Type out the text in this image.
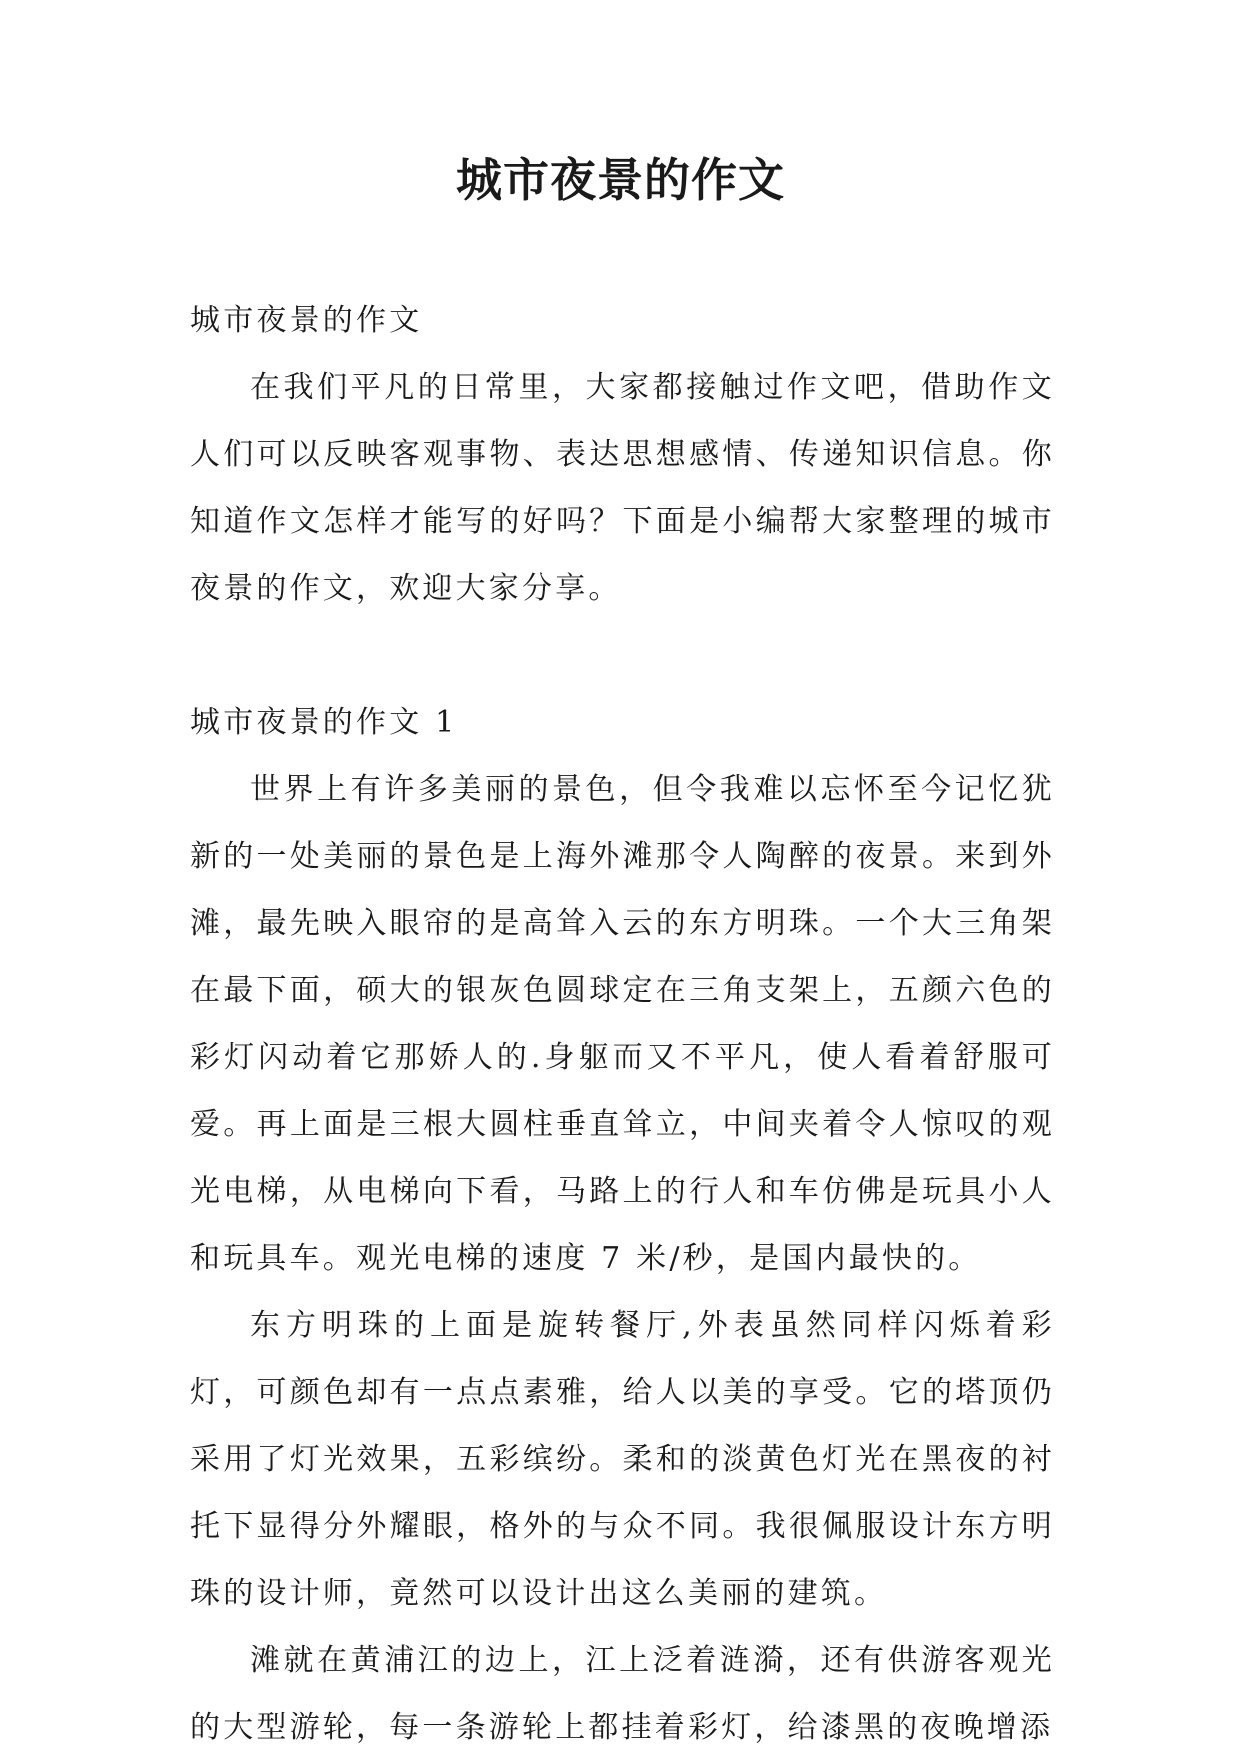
城市夜景的作文

城市夜景的作文

在我们平凡的日常里，大家都接触过作文吧，借助作文人们可以反映客观事物、表达思想感情、传递知识信息。你知道作文怎样才能写的好吗？下面是小编帮大家整理的城市夜景的作文，欢迎大家分享。

城市夜景的作文 1

世界上有许多美丽的景色，但令我难以忘怀至今记忆犹新的一处美丽的景色是上海外滩那令人陶醉的夜景。来到外滩，最先映入眼帘的是高耸入云的东方明珠。一个大三角架在最下面，硕大的银灰色圆球定在三角支架上，五颜六色的彩灯闪动着它那娇人的.身躯而又不平凡，使人看着舒服可爱。再上面是三根大圆柱垂直耸立，中间夹着令人惊叹的观光电梯，从电梯向下看，马路上的行人和车仿佛是玩具小人和玩具车。观光电梯的速度 7 米/秒，是国内最快的。

东方明珠的上面是旋转餐厅,外表虽然同样闪烁着彩灯，可颜色却有一点点素雅，给人以美的享受。它的塔顶仍采用了灯光效果，五彩缤纷。柔和的淡黄色灯光在黑夜的衬托下显得分外耀眼，格外的与众不同。我很佩服设计东方明珠的设计师，竟然可以设计出这么美丽的建筑。

滩就在黄浦江的边上，江上泛着涟漪，还有供游客观光的大型游轮，每一条游轮上都挂着彩灯，给漆黑的夜晚增添
